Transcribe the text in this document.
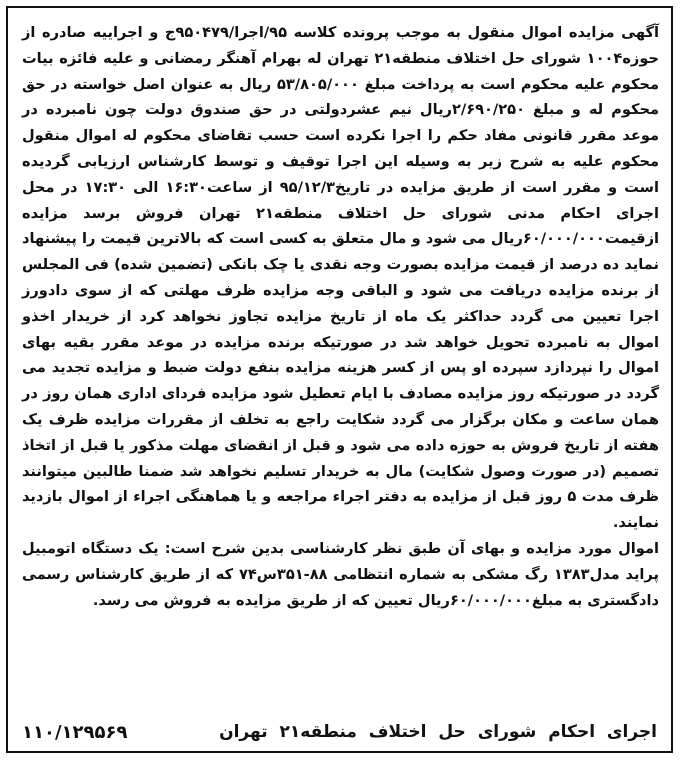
آگهی مزایده اموال منقول به موجب پرونده کلاسه ۹۵/اجرا/۹۵۰۴۷۹ج و اجراییه صادره از حوزه۱۰۰۴ شورای حل اختلاف منطقه۲۱ تهران له بهرام آهنگر رمضانی و علیه فائزه بیات محکوم علیه محکوم است به پرداخت مبلغ ۵۳/۸۰۵/۰۰۰ ریال به عنوان اصل خواسته در حق محکوم له و مبلغ ۲/۶۹۰/۲۵۰ریال نیم عشردولتی در حق صندوق دولت چون نامبرده در موعد مقرر قانونی مفاد حکم را اجرا نکرده است حسب تقاضای محکوم له اموال منقول محکوم علیه به شرح زیر به وسیله این اجرا توقیف و توسط کارشناس ارزیابی گردیده است و مقرر است از طریق مزایده در تاریخ۹۵/۱۲/۳ از ساعت۱۶:۳۰ الی ۱۷:۳۰ در محل اجرای احکام مدنی شورای حل اختلاف منطقه۲۱ تهران فروش برسد مزایده ازقیمت۶۰/۰۰۰/۰۰۰ریال می شود و مال متعلق به کسی است که بالاترین قیمت را پیشنهاد نماید ده درصد از قیمت مزایده بصورت وجه نقدی یا چک بانکی (تضمین شده) فی المجلس از برنده مزایده دریافت می شود و الباقی وجه مزایده ظرف مهلتی که از سوی دادورز اجرا تعیین می گردد حداکثر یک ماه از تاریخ مزایده تجاوز نخواهد کرد از خریدار اخذو اموال به نامبرده تحویل خواهد شد در صورتیکه برنده مزایده در موعد مقرر بقیه بهای اموال را نپردازد سپرده او پس از کسر هزینه مزایده بنفع دولت ضبط و مزایده تجدید می گردد در صورتیکه روز مزایده مصادف با ایام تعطیل شود مزایده فردای اداری همان روز در همان ساعت و مکان برگزار می گردد شکایت راجع به تخلف از مقررات مزایده ظرف یک هفته از تاریخ فروش به حوزه داده می شود و قبل از انقضای مهلت مذکور یا قبل از اتخاذ تصمیم (در صورت وصول شکایت) مال به خریدار تسلیم نخواهد شد ضمنا طالبین میتوانند ظرف مدت ۵ روز قبل از مزایده به دفتر اجراء مراجعه و یا هماهنگی اجراء از اموال بازدید نمایند.

اموال مورد مزایده و بهای آن طبق نظر کارشناسی بدین شرح است: یک دستگاه اتومبیل پراید مدل۱۳۸۳ رگ مشکی به شماره انتظامی ۸۸-۳۵۱س۷۴ که از طریق کارشناس رسمی دادگستری به مبلغ۶۰/۰۰۰/۰۰۰ریال تعیین که از طریق مزایده به فروش می رسد.

اجرای احکام شورای حل اختلاف منطقه۲۱ تهران
۱۱۰/۱۲۹۵۶۹
